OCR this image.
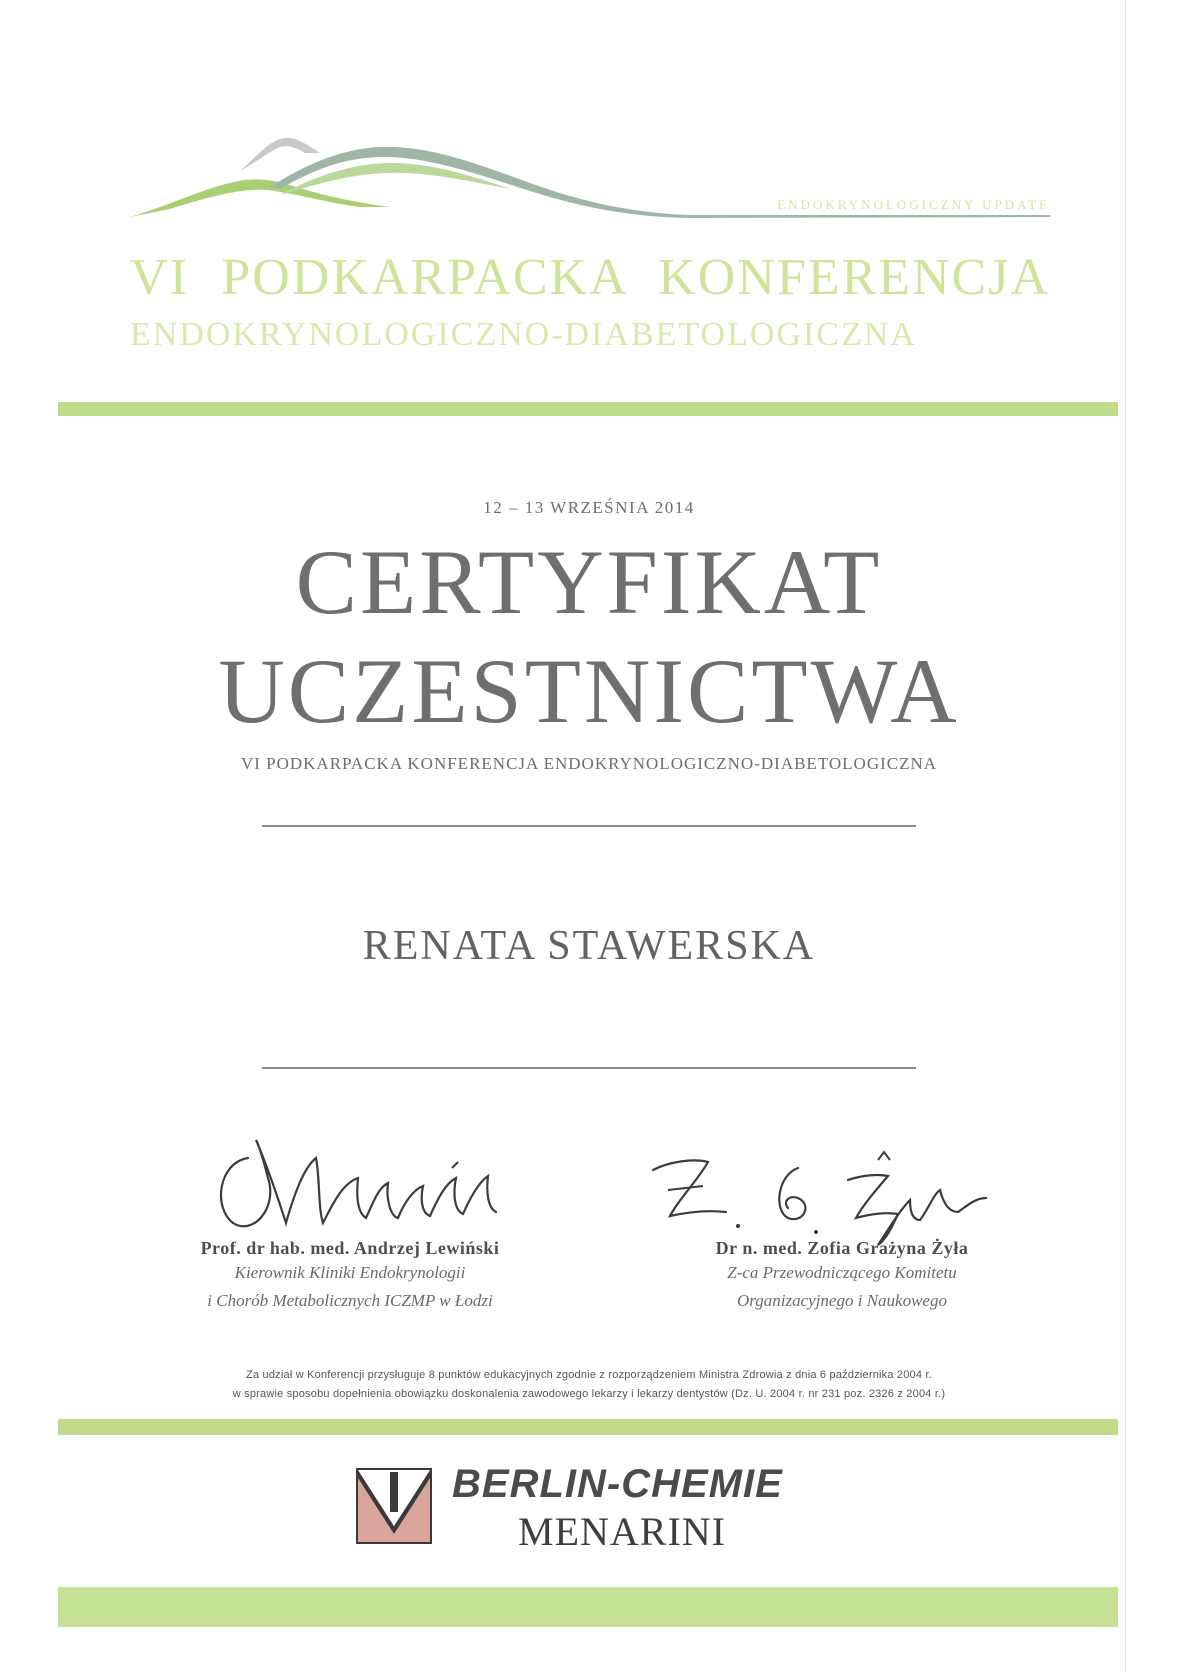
ENDOKRYNOLOGICZNY UPDATE
VI PODKARPACKA KONFERENCJA
ENDOKRYNOLOGICZNO-DIABETOLOGICZNA
12 – 13 WRZEŚNIA 2014
CERTYFIKAT
UCZESTNICTWA
VI PODKARPACKA KONFERENCJA ENDOKRYNOLOGICZNO-DIABETOLOGICZNA
RENATA STAWERSKA
Prof. dr hab. med. Andrzej Lewiński
Kierownik Kliniki Endokrynologii
i Chorób Metabolicznych ICZMP w Łodzi
Dr n. med. Zofia Grażyna Żyła
Z-ca Przewodniczącego Komitetu
Organizacyjnego i Naukowego
Za udział w Konferencji przysługuje 8 punktów edukacyjnych zgodnie z rozporządzeniem Ministra Zdrowia z dnia 6 października 2004 r.
w sprawie sposobu dopełnienia obowiązku doskonalenia zawodowego lekarzy i lekarzy dentystów (Dz. U. 2004 r. nr 231 poz. 2326 z 2004 r.)
BERLIN-CHEMIE
MENARINI
